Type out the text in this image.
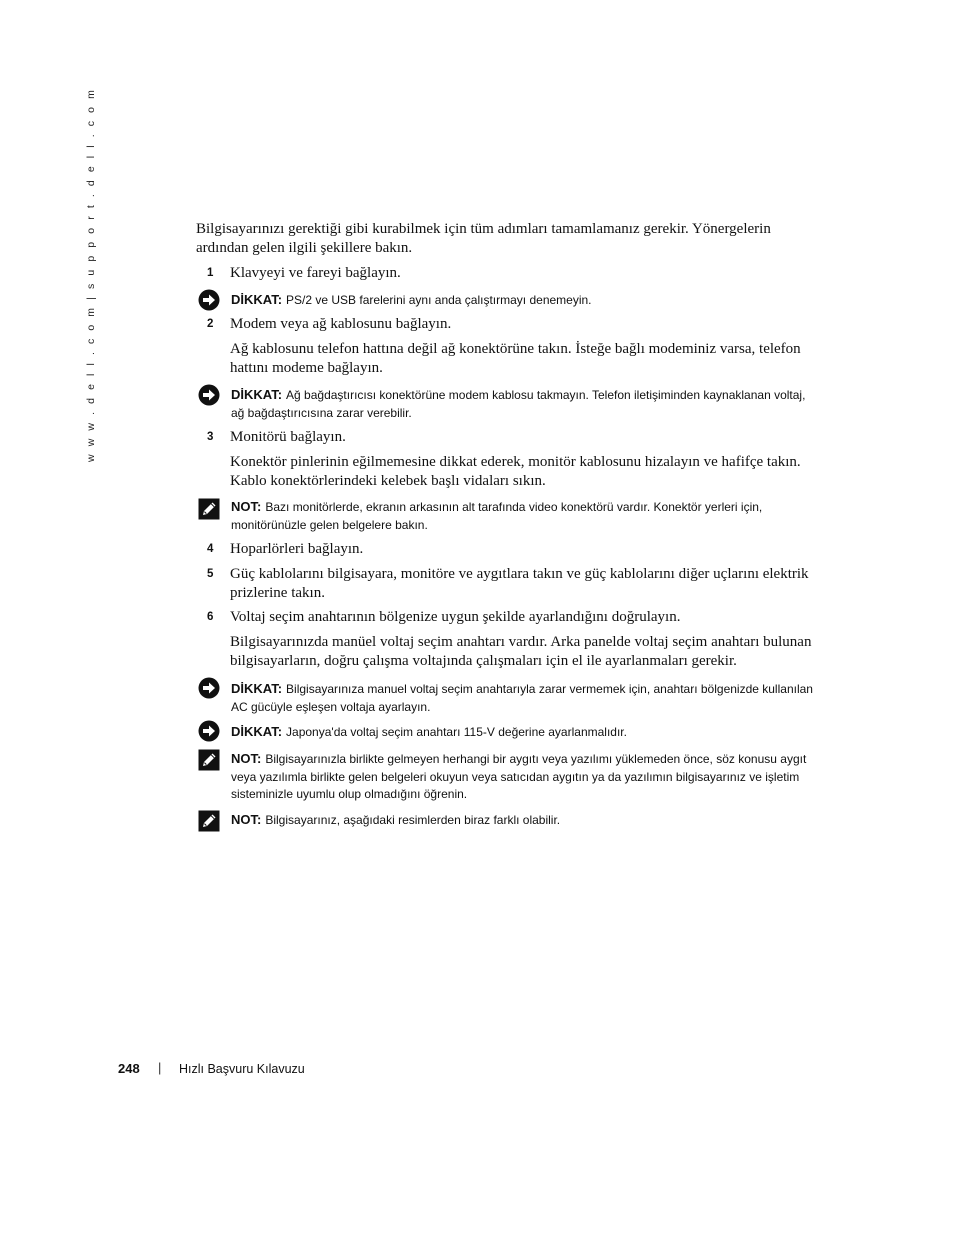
w w w . d e l l . c o m | s u p p o r t . d e l l . c o m	Bilgisayarınızı gerektiği gibi kurabilmek için tüm adımları tamamlamanız gerekir. Yönergelerin ardından gelen ilgili şekillere bakın.

1 Klavyeyi ve fareyi bağlayın.
DİKKAT: PS/2 ve USB farelerini aynı anda çalıştırmayı denemeyin.
2 Modem veya ağ kablosunu bağlayın.
Ağ kablosunu telefon hattına değil ağ konektörüne takın. İsteğe bağlı modeminiz varsa, telefon hattını modeme bağlayın.
DİKKAT: Ağ bağdaştırıcısı konektörüne modem kablosu takmayın. Telefon iletişiminden kaynaklanan voltaj, ağ bağdaştırıcısına zarar verebilir.
3 Monitörü bağlayın.
Konektör pinlerinin eğilmemesine dikkat ederek, monitör kablosunu hizalayın ve hafifçe takın. Kablo konektörlerindeki kelebek başlı vidaları sıkın.
NOT: Bazı monitörlerde, ekranın arkasının alt tarafında video konektörü vardır. Konektör yerleri için, monitörünüzle gelen belgelere bakın.
4 Hoparlörleri bağlayın.
5 Güç kablolarını bilgisayara, monitöre ve aygıtlara takın ve güç kablolarını diğer uçlarını elektrik prizlerine takın.
6 Voltaj seçim anahtarının bölgenize uygun şekilde ayarlandığını doğrulayın.
Bilgisayarınızda manüel voltaj seçim anahtarı vardır. Arka panelde voltaj seçim anahtarı bulunan bilgisayarların, doğru çalışma voltajında çalışmaları için el ile ayarlanmaları gerekir.
DİKKAT: Bilgisayarınıza manuel voltaj seçim anahtarıyla zarar vermemek için, anahtarı bölgenizde kullanılan AC gücüyle eşleşen voltaja ayarlayın.
DİKKAT: Japonya'da voltaj seçim anahtarı 115-V değerine ayarlanmalıdır.
NOT: Bilgisayarınızla birlikte gelmeyen herhangi bir aygıtı veya yazılımı yüklemeden önce, söz konusu aygıt veya yazılımla birlikte gelen belgeleri okuyun veya satıcıdan aygıtın ya da yazılımın bilgisayarınız ve işletim sisteminizle uyumlu olup olmadığını öğrenin.
NOT: Bilgisayarınız, aşağıdaki resimlerden biraz farklı olabilir.
248 | Hızlı Başvuru Kılavuzu
